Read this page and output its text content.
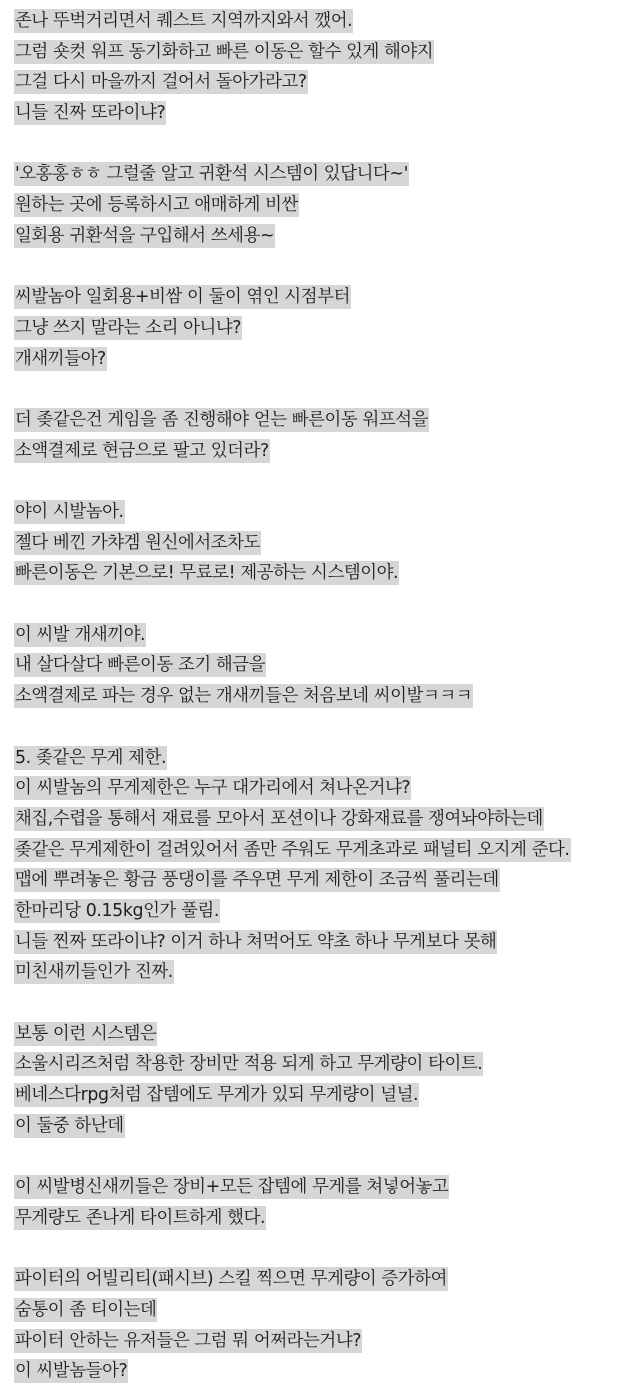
존나 뚜벅거리면서 퀘스트 지역까지와서 깼어.
그럼 숏컷 워프 동기화하고 빠른 이동은 할수 있게 해야지
그걸 다시 마을까지 걸어서 돌아가라고?
니들 진짜 또라이냐?
'오홍홍ㅎㅎ 그럴줄 알고 귀환석 시스템이 있답니다~'
원하는 곳에 등록하시고 애매하게 비싼
일회용 귀환석을 구입해서 쓰세용~
씨발놈아 일회용+비쌈 이 둘이 엮인 시점부터
그냥 쓰지 말라는 소리 아니냐?
개새끼들아?
더 좆같은건 게임을 좀 진행해야 얻는 빠른이동 워프석을
소액결제로 현금으로 팔고 있더라?
야이 시발놈아.
젤다 베낀 가챠겜 원신에서조차도
빠른이동은 기본으로! 무료로! 제공하는 시스템이야.
이 씨발 개새끼야.
내 살다살다 빠른이동 조기 해금을
소액결제로 파는 경우 없는 개새끼들은 처음보네 씨이발ㅋㅋㅋ
5. 좆같은 무게 제한.
이 씨발놈의 무게제한은 누구 대가리에서 쳐나온거냐?
채집,수렵을 통해서 재료를 모아서 포션이나 강화재료를 쟁여놔야하는데
좆같은 무게제한이 걸려있어서 좀만 주워도 무게초과로 패널티 오지게 준다.
맵에 뿌려놓은 황금 풍댕이를 주우면 무게 제한이 조금씩 풀리는데
한마리당 0.15kg인가 풀림.
니들 찐짜 또라이냐? 이거 하나 쳐먹어도 약초 하나 무게보다 못해
미친새끼들인가 진짜.
보통 이런 시스템은
소울시리즈처럼 착용한 장비만 적용 되게 하고 무게량이 타이트.
베네스다rpg처럼 잡템에도 무게가 있되 무게량이 널널.
이 둘중 하난데
이 씨발병신새끼들은 장비+모든 잡템에 무게를 쳐넣어놓고
무게량도 존나게 타이트하게 했다.
파이터의 어빌리티(패시브) 스킬 찍으면 무게량이 증가하여
숨통이 좀 티이는데
파이터 안하는 유저들은 그럼 뭐 어쩌라는거냐?
이 씨발놈들아?
